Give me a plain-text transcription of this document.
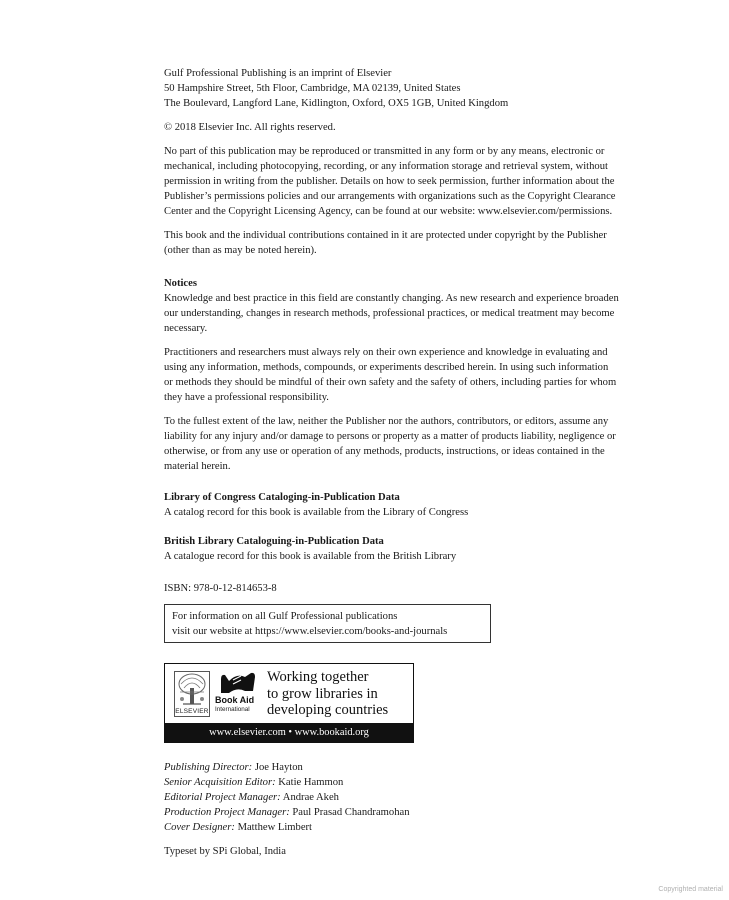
Gulf Professional Publishing is an imprint of Elsevier
50 Hampshire Street, 5th Floor, Cambridge, MA 02139, United States
The Boulevard, Langford Lane, Kidlington, Oxford, OX5 1GB, United Kingdom

© 2018 Elsevier Inc. All rights reserved.

No part of this publication may be reproduced or transmitted in any form or by any means, electronic or mechanical, including photocopying, recording, or any information storage and retrieval system, without permission in writing from the publisher. Details on how to seek permission, further information about the Publisher’s permissions policies and our arrangements with organizations such as the Copyright Clearance Center and the Copyright Licensing Agency, can be found at our website: www.elsevier.com/permissions.

This book and the individual contributions contained in it are protected under copyright by the Publisher (other than as may be noted herein).

Notices

Knowledge and best practice in this field are constantly changing. As new research and experience broaden our understanding, changes in research methods, professional practices, or medical treatment may become necessary.

Practitioners and researchers must always rely on their own experience and knowledge in evaluating and using any information, methods, compounds, or experiments described herein. In using such information or methods they should be mindful of their own safety and the safety of others, including parties for whom they have a professional responsibility.

To the fullest extent of the law, neither the Publisher nor the authors, contributors, or editors, assume any liability for any injury and/or damage to persons or property as a matter of products liability, negligence or otherwise, or from any use or operation of any methods, products, instructions, or ideas contained in the material herein.

Library of Congress Cataloging-in-Publication Data

A catalog record for this book is available from the Library of Congress

British Library Cataloguing-in-Publication Data

A catalogue record for this book is available from the British Library

ISBN: 978-0-12-814653-8

For information on all Gulf Professional publications
visit our website at https://www.elsevier.com/books-and-journals
ELSEVIER
Book Aid
International
Working together
to grow libraries in
developing countries
www.elsevier.com • www.bookaid.org
Publishing Director: Joe Hayton
Senior Acquisition Editor: Katie Hammon
Editorial Project Manager: Andrae Akeh
Production Project Manager: Paul Prasad Chandramohan
Cover Designer: Matthew Limbert

Typeset by SPi Global, India

Copyrighted material
